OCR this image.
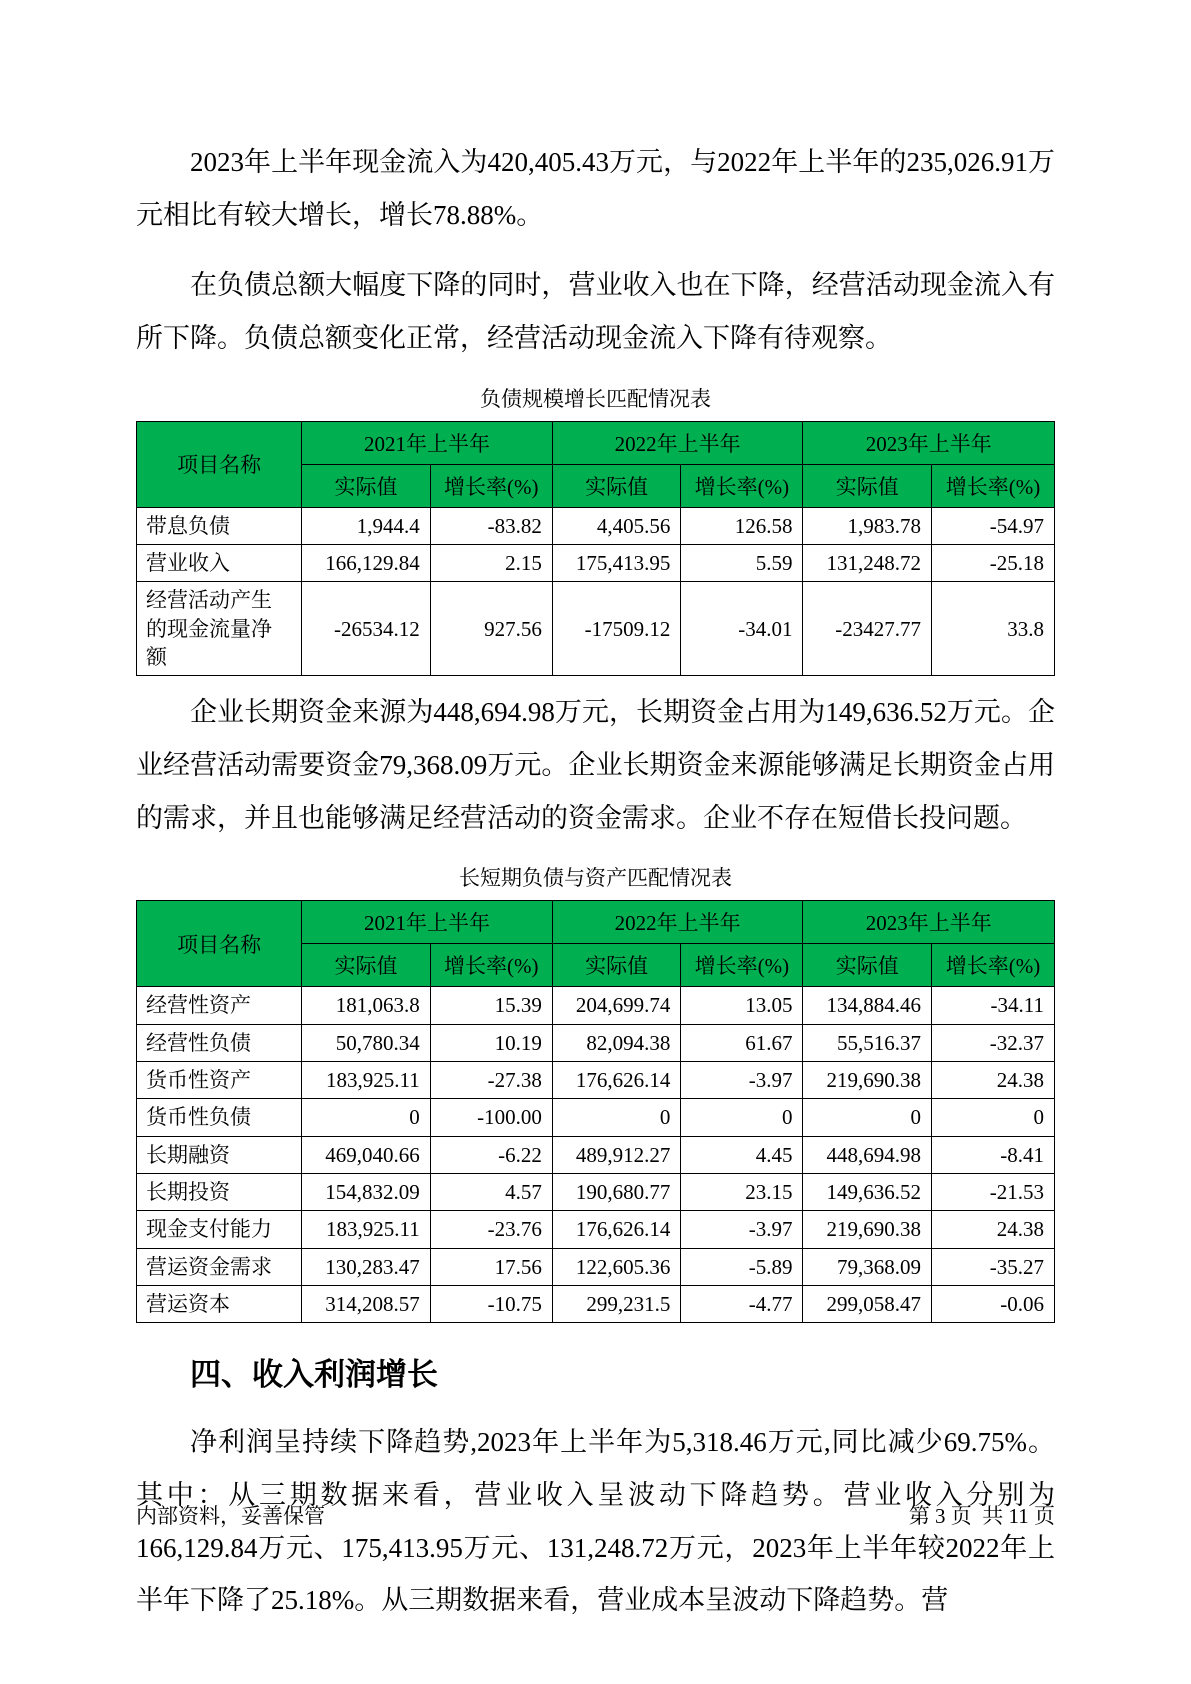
2023年上半年现金流入为420,405.43万元，与2022年上半年的235,026.91万元相比有较大增长，增长78.88%。

在负债总额大幅度下降的同时，营业收入也在下降，经营活动现金流入有所下降。负债总额变化正常，经营活动现金流入下降有待观察。

负债规模增长匹配情况表
项目名称	2021年上半年		2022年上半年		2023年上半年	
	实际值	增长率(%)	实际值	增长率(%)	实际值	增长率(%)
带息负债	1,944.4	-83.82	4,405.56	126.58	1,983.78	-54.97
营业收入	166,129.84	2.15	175,413.95	5.59	131,248.72	-25.18
经营活动产生的现金流量净额	-26534.12	927.56	-17509.12	-34.01	-23427.77	33.8

企业长期资金来源为448,694.98万元，长期资金占用为149,636.52万元。企业经营活动需要资金79,368.09万元。企业长期资金来源能够满足长期资金占用的需求，并且也能够满足经营活动的资金需求。企业不存在短借长投问题。

长短期负债与资产匹配情况表
项目名称	2021年上半年		2022年上半年		2023年上半年	
	实际值	增长率(%)	实际值	增长率(%)	实际值	增长率(%)
经营性资产	181,063.8	15.39	204,699.74	13.05	134,884.46	-34.11
经营性负债	50,780.34	10.19	82,094.38	61.67	55,516.37	-32.37
货币性资产	183,925.11	-27.38	176,626.14	-3.97	219,690.38	24.38
货币性负债	0	-100.00	0	0	0	0
长期融资	469,040.66	-6.22	489,912.27	4.45	448,694.98	-8.41
长期投资	154,832.09	4.57	190,680.77	23.15	149,636.52	-21.53
现金支付能力	183,925.11	-23.76	176,626.14	-3.97	219,690.38	24.38
营运资金需求	130,283.47	17.56	122,605.36	-5.89	79,368.09	-35.27
营运资本	314,208.57	-10.75	299,231.5	-4.77	299,058.47	-0.06
四、收入利润增长

净利润呈持续下降趋势,2023年上半年为5,318.46万元,同比减少69.75%。其中：从三期数据来看，营业收入呈波动下降趋势。营业收入分别为166,129.84万元、175,413.95万元、131,248.72万元，2023年上半年较2022年上半年下降了25.18%。从三期数据来看，营业成本呈波动下降趋势。营

内部资料，妥善保管	第 3 页  共 11 页
